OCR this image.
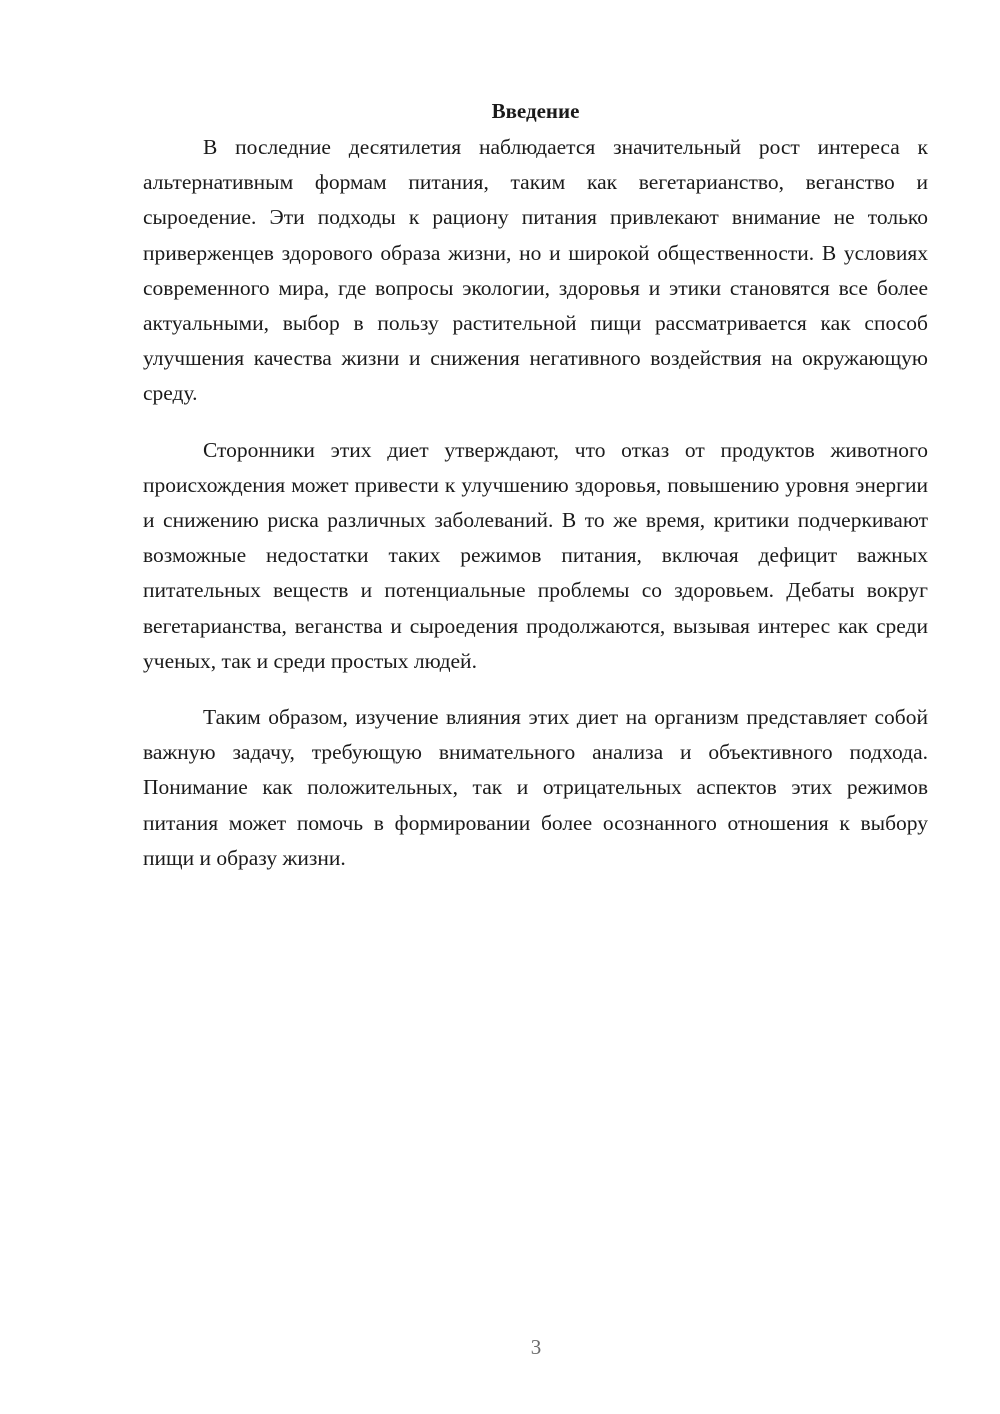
Введение

В последние десятилетия наблюдается значительный рост интереса к альтернативным формам питания, таким как вегетарианство, веганство и сыроедение. Эти подходы к рациону питания привлекают внимание не только приверженцев здорового образа жизни, но и широкой общественности. В условиях современного мира, где вопросы экологии, здоровья и этики становятся все более актуальными, выбор в пользу растительной пищи рассматривается как способ улучшения качества жизни и снижения негативного воздействия на окружающую среду.

Сторонники этих диет утверждают, что отказ от продуктов животного происхождения может привести к улучшению здоровья, повышению уровня энергии и снижению риска различных заболеваний. В то же время, критики подчеркивают возможные недостатки таких режимов питания, включая дефицит важных питательных веществ и потенциальные проблемы со здоровьем. Дебаты вокруг вегетарианства, веганства и сыроедения продолжаются, вызывая интерес как среди ученых, так и среди простых людей.

Таким образом, изучение влияния этих диет на организм представляет собой важную задачу, требующую внимательного анализа и объективного подхода. Понимание как положительных, так и отрицательных аспектов этих режимов питания может помочь в формировании более осознанного отношения к выбору пищи и образу жизни.

3
